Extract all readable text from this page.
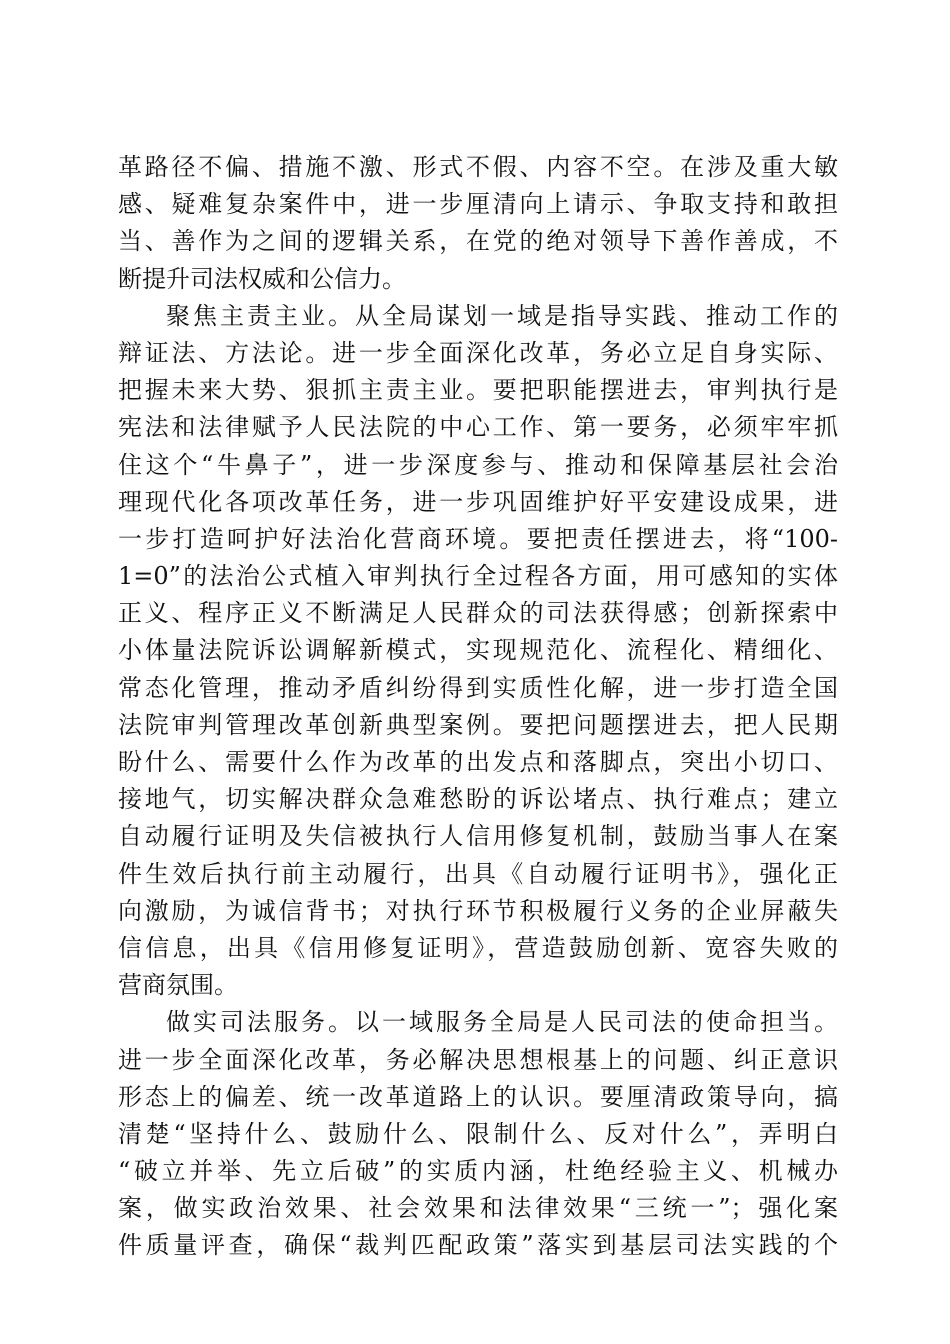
革路径不偏、措施不激、形式不假、内容不空。在涉及重大敏
感、疑难复杂案件中，进一步厘清向上请示、争取支持和敢担
当、善作为之间的逻辑关系，在党的绝对领导下善作善成，不
断提升司法权威和公信力。
聚焦主责主业。从全局谋划一域是指导实践、推动工作的
辩证法、方法论。进一步全面深化改革，务必立足自身实际、
把握未来大势、狠抓主责主业。要把职能摆进去，审判执行是
宪法和法律赋予人民法院的中心工作、第一要务，必须牢牢抓
住这个“牛鼻子”，进一步深度参与、推动和保障基层社会治
理现代化各项改革任务，进一步巩固维护好平安建设成果，进
一步打造呵护好法治化营商环境。要把责任摆进去，将“100-
1=0”的法治公式植入审判执行全过程各方面，用可感知的实体
正义、程序正义不断满足人民群众的司法获得感；创新探索中
小体量法院诉讼调解新模式，实现规范化、流程化、精细化、
常态化管理，推动矛盾纠纷得到实质性化解，进一步打造全国
法院审判管理改革创新典型案例。要把问题摆进去，把人民期
盼什么、需要什么作为改革的出发点和落脚点，突出小切口、
接地气，切实解决群众急难愁盼的诉讼堵点、执行难点；建立
自动履行证明及失信被执行人信用修复机制，鼓励当事人在案
件生效后执行前主动履行，出具《自动履行证明书》，强化正
向激励，为诚信背书；对执行环节积极履行义务的企业屏蔽失
信信息，出具《信用修复证明》，营造鼓励创新、宽容失败的
营商氛围。
做实司法服务。以一域服务全局是人民司法的使命担当。
进一步全面深化改革，务必解决思想根基上的问题、纠正意识
形态上的偏差、统一改革道路上的认识。要厘清政策导向，搞
清楚“坚持什么、鼓励什么、限制什么、反对什么”，弄明白
“破立并举、先立后破”的实质内涵，杜绝经验主义、机械办
案，做实政治效果、社会效果和法律效果“三统一”；强化案
件质量评查，确保“裁判匹配政策”落实到基层司法实践的个
